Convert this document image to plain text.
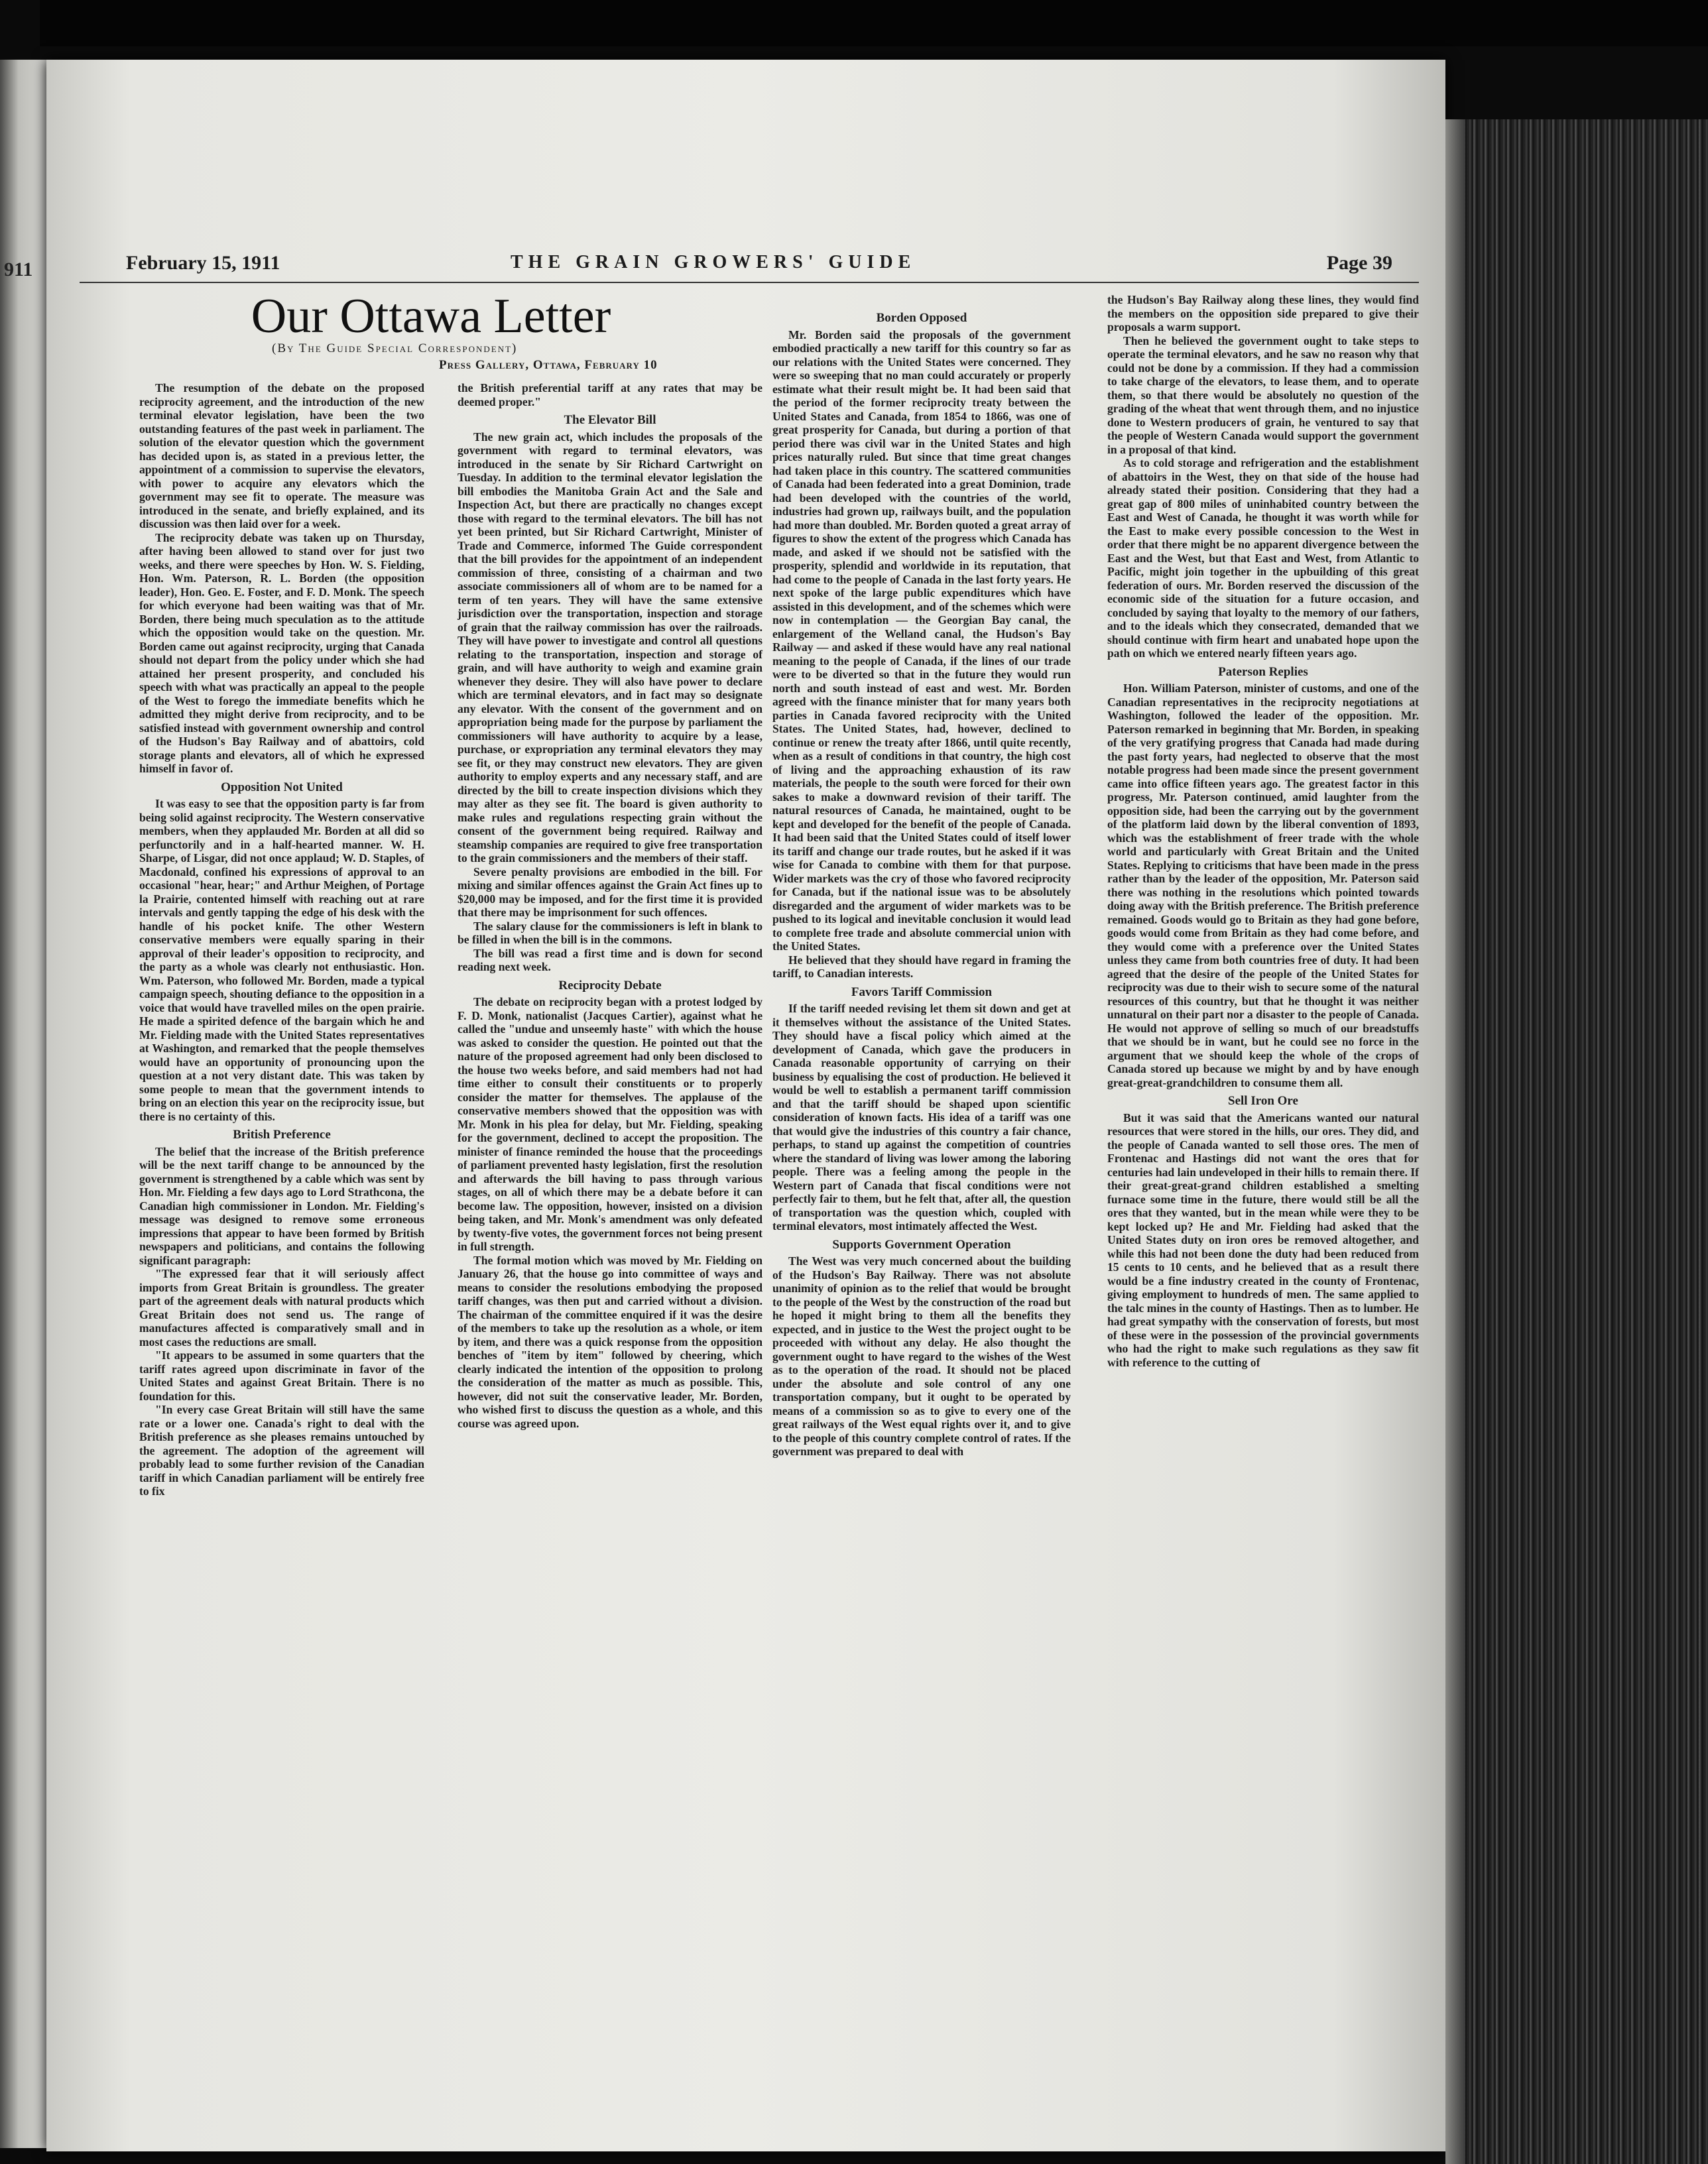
911	February 15, 1911	THE GRAIN GROWERS' GUIDE	Page 39
Our Ottawa Letter
(By The Guide Special Correspondent)
Press Gallery, Ottawa, February 10

The resumption of the debate on the proposed reciprocity agreement, and the introduction of the new terminal elevator legislation, have been the two outstanding features of the past week in parliament. The solution of the elevator question which the government has decided upon is, as stated in a previous letter, the appointment of a commission to supervise the elevators, with power to acquire any elevators which the government may see fit to operate. The measure was introduced in the senate, and briefly explained, and its discussion was then laid over for a week.

The reciprocity debate was taken up on Thursday, after having been allowed to stand over for just two weeks, and there were speeches by Hon. W. S. Fielding, Hon. Wm. Paterson, R. L. Borden (the opposition leader), Hon. Geo. E. Foster, and F. D. Monk. The speech for which everyone had been waiting was that of Mr. Borden, there being much speculation as to the attitude which the opposition would take on the question. Mr. Borden came out against reciprocity, urging that Canada should not depart from the policy under which she had attained her present prosperity, and concluded his speech with what was practically an appeal to the people of the West to forego the immediate benefits which he admitted they might derive from reciprocity, and to be satisfied instead with government ownership and control of the Hudson's Bay Railway and of abattoirs, cold storage plants and elevators, all of which he expressed himself in favor of.

Opposition Not United

It was easy to see that the opposition party is far from being solid against reciprocity. The Western conservative members, when they applauded Mr. Borden at all did so perfunctorily and in a half-hearted manner. W. H. Sharpe, of Lisgar, did not once applaud; W. D. Staples, of Macdonald, confined his expressions of approval to an occasional "hear, hear;" and Arthur Meighen, of Portage la Prairie, contented himself with reaching out at rare intervals and gently tapping the edge of his desk with the handle of his pocket knife. The other Western conservative members were equally sparing in their approval of their leader's opposition to reciprocity, and the party as a whole was clearly not enthusiastic. Hon. Wm. Paterson, who followed Mr. Borden, made a typical campaign speech, shouting defiance to the opposition in a voice that would have travelled miles on the open prairie. He made a spirited defence of the bargain which he and Mr. Fielding made with the United States representatives at Washington, and remarked that the people themselves would have an opportunity of pronouncing upon the question at a not very distant date. This was taken by some people to mean that the government intends to bring on an election this year on the reciprocity issue, but there is no certainty of this.

British Preference

The belief that the increase of the British preference will be the next tariff change to be announced by the government is strengthened by a cable which was sent by Hon. Mr. Fielding a few days ago to Lord Strathcona, the Canadian high commissioner in London. Mr. Fielding's message was designed to remove some erroneous impressions that appear to have been formed by British newspapers and politicians, and contains the following significant paragraph:

"The expressed fear that it will seriously affect imports from Great Britain is groundless. The greater part of the agreement deals with natural products which Great Britain does not send us. The range of manufactures affected is comparatively small and in most cases the reductions are small.

"It appears to be assumed in some quarters that the tariff rates agreed upon discriminate in favor of the United States and against Great Britain. There is no foundation for this.

"In every case Great Britain will still have the same rate or a lower one. Canada's right to deal with the British preference as she pleases remains untouched by the agreement. The adoption of the agreement will probably lead to some further revision of the Canadian tariff in which Canadian parliament will be entirely free to fix

the British preferential tariff at any rates that may be deemed proper."

The Elevator Bill

The new grain act, which includes the proposals of the government with regard to terminal elevators, was introduced in the senate by Sir Richard Cartwright on Tuesday. In addition to the terminal elevator legislation the bill embodies the Manitoba Grain Act and the Sale and Inspection Act, but there are practically no changes except those with regard to the terminal elevators. The bill has not yet been printed, but Sir Richard Cartwright, Minister of Trade and Commerce, informed The Guide correspondent that the bill provides for the appointment of an independent commission of three, consisting of a chairman and two associate commissioners all of whom are to be named for a term of ten years. They will have the same extensive jurisdiction over the transportation, inspection and storage of grain that the railway commission has over the railroads. They will have power to investigate and control all questions relating to the transportation, inspection and storage of grain, and will have authority to weigh and examine grain whenever they desire. They will also have power to declare which are terminal elevators, and in fact may so designate any elevator. With the consent of the government and on appropriation being made for the purpose by parliament the commissioners will have authority to acquire by a lease, purchase, or expropriation any terminal elevators they may see fit, or they may construct new elevators. They are given authority to employ experts and any necessary staff, and are directed by the bill to create inspection divisions which they may alter as they see fit. The board is given authority to make rules and regulations respecting grain without the consent of the government being required. Railway and steamship companies are required to give free transportation to the grain commissioners and the members of their staff.

Severe penalty provisions are embodied in the bill. For mixing and similar offences against the Grain Act fines up to $20,000 may be imposed, and for the first time it is provided that there may be imprisonment for such offences.

The salary clause for the commissioners is left in blank to be filled in when the bill is in the commons.

The bill was read a first time and is down for second reading next week.

Reciprocity Debate

The debate on reciprocity began with a protest lodged by F. D. Monk, nationalist (Jacques Cartier), against what he called the "undue and unseemly haste" with which the house was asked to consider the question. He pointed out that the nature of the proposed agreement had only been disclosed to the house two weeks before, and said members had not had time either to consult their constituents or to properly consider the matter for themselves. The applause of the conservative members showed that the opposition was with Mr. Monk in his plea for delay, but Mr. Fielding, speaking for the government, declined to accept the proposition. The minister of finance reminded the house that the proceedings of parliament prevented hasty legislation, first the resolution and afterwards the bill having to pass through various stages, on all of which there may be a debate before it can become law. The opposition, however, insisted on a division being taken, and Mr. Monk's amendment was only defeated by twenty-five votes, the government forces not being present in full strength.

The formal motion which was moved by Mr. Fielding on January 26, that the house go into committee of ways and means to consider the resolutions embodying the proposed tariff changes, was then put and carried without a division. The chairman of the committee enquired if it was the desire of the members to take up the resolution as a whole, or item by item, and there was a quick response from the opposition benches of "item by item" followed by cheering, which clearly indicated the intention of the opposition to prolong the consideration of the matter as much as possible. This, however, did not suit the conservative leader, Mr. Borden, who wished first to discuss the question as a whole, and this course was agreed upon.

Borden Opposed

Mr. Borden said the proposals of the government embodied practically a new tariff for this country so far as our relations with the United States were concerned. They were so sweeping that no man could accurately or properly estimate what their result might be. It had been said that the period of the former reciprocity treaty between the United States and Canada, from 1854 to 1866, was one of great prosperity for Canada, but during a portion of that period there was civil war in the United States and high prices naturally ruled. But since that time great changes had taken place in this country. The scattered communities of Canada had been federated into a great Dominion, trade had been developed with the countries of the world, industries had grown up, railways built, and the population had more than doubled. Mr. Borden quoted a great array of figures to show the extent of the progress which Canada has made, and asked if we should not be satisfied with the prosperity, splendid and worldwide in its reputation, that had come to the people of Canada in the last forty years. He next spoke of the large public expenditures which have assisted in this development, and of the schemes which were now in contemplation — the Georgian Bay canal, the enlargement of the Welland canal, the Hudson's Bay Railway — and asked if these would have any real national meaning to the people of Canada, if the lines of our trade were to be diverted so that in the future they would run north and south instead of east and west. Mr. Borden agreed with the finance minister that for many years both parties in Canada favored reciprocity with the United States. The United States, had, however, declined to continue or renew the treaty after 1866, until quite recently, when as a result of conditions in that country, the high cost of living and the approaching exhaustion of its raw materials, the people to the south were forced for their own sakes to make a downward revision of their tariff. The natural resources of Canada, he maintained, ought to be kept and developed for the benefit of the people of Canada. It had been said that the United States could of itself lower its tariff and change our trade routes, but he asked if it was wise for Canada to combine with them for that purpose. Wider markets was the cry of those who favored reciprocity for Canada, but if the national issue was to be absolutely disregarded and the argument of wider markets was to be pushed to its logical and inevitable conclusion it would lead to complete free trade and absolute commercial union with the United States.

He believed that they should have regard in framing the tariff, to Canadian interests.

Favors Tariff Commission

If the tariff needed revising let them sit down and get at it themselves without the assistance of the United States. They should have a fiscal policy which aimed at the development of Canada, which gave the producers in Canada reasonable opportunity of carrying on their business by equalising the cost of production. He believed it would be well to establish a permanent tariff commission and that the tariff should be shaped upon scientific consideration of known facts. His idea of a tariff was one that would give the industries of this country a fair chance, perhaps, to stand up against the competition of countries where the standard of living was lower among the laboring people. There was a feeling among the people in the Western part of Canada that fiscal conditions were not perfectly fair to them, but he felt that, after all, the question of transportation was the question which, coupled with terminal elevators, most intimately affected the West.

Supports Government Operation

The West was very much concerned about the building of the Hudson's Bay Railway. There was not absolute unanimity of opinion as to the relief that would be brought to the people of the West by the construction of the road but he hoped it might bring to them all the benefits they expected, and in justice to the West the project ought to be proceeded with without any delay. He also thought the government ought to have regard to the wishes of the West as to the operation of the road. It should not be placed under the absolute and sole control of any one transportation company, but it ought to be operated by means of a commission so as to give to every one of the great railways of the West equal rights over it, and to give to the people of this country complete control of rates. If the government was prepared to deal with

the Hudson's Bay Railway along these lines, they would find the members on the opposition side prepared to give their proposals a warm support.

Then he believed the government ought to take steps to operate the terminal elevators, and he saw no reason why that could not be done by a commission. If they had a commission to take charge of the elevators, to lease them, and to operate them, so that there would be absolutely no question of the grading of the wheat that went through them, and no injustice done to Western producers of grain, he ventured to say that the people of Western Canada would support the government in a proposal of that kind.

As to cold storage and refrigeration and the establishment of abattoirs in the West, they on that side of the house had already stated their position. Considering that they had a great gap of 800 miles of uninhabited country between the East and West of Canada, he thought it was worth while for the East to make every possible concession to the West in order that there might be no apparent divergence between the East and the West, but that East and West, from Atlantic to Pacific, might join together in the upbuilding of this great federation of ours. Mr. Borden reserved the discussion of the economic side of the situation for a future occasion, and concluded by saying that loyalty to the memory of our fathers, and to the ideals which they consecrated, demanded that we should continue with firm heart and unabated hope upon the path on which we entered nearly fifteen years ago.

Paterson Replies

Hon. William Paterson, minister of customs, and one of the Canadian representatives in the reciprocity negotiations at Washington, followed the leader of the opposition. Mr. Paterson remarked in beginning that Mr. Borden, in speaking of the very gratifying progress that Canada had made during the past forty years, had neglected to observe that the most notable progress had been made since the present government came into office fifteen years ago. The greatest factor in this progress, Mr. Paterson continued, amid laughter from the opposition side, had been the carrying out by the government of the platform laid down by the liberal convention of 1893, which was the establishment of freer trade with the whole world and particularly with Great Britain and the United States. Replying to criticisms that have been made in the press rather than by the leader of the opposition, Mr. Paterson said there was nothing in the resolutions which pointed towards doing away with the British preference. The British preference remained. Goods would go to Britain as they had gone before, goods would come from Britain as they had come before, and they would come with a preference over the United States unless they came from both countries free of duty. It had been agreed that the desire of the people of the United States for reciprocity was due to their wish to secure some of the natural resources of this country, but that he thought it was neither unnatural on their part nor a disaster to the people of Canada. He would not approve of selling so much of our breadstuffs that we should be in want, but he could see no force in the argument that we should keep the whole of the crops of Canada stored up because we might by and by have enough great-great-grandchildren to consume them all.

Sell Iron Ore

But it was said that the Americans wanted our natural resources that were stored in the hills, our ores. They did, and the people of Canada wanted to sell those ores. The men of Frontenac and Hastings did not want the ores that for centuries had lain undeveloped in their hills to remain there. If their great-great-grand children established a smelting furnace some time in the future, there would still be all the ores that they wanted, but in the mean while were they to be kept locked up? He and Mr. Fielding had asked that the United States duty on iron ores be removed altogether, and while this had not been done the duty had been reduced from 15 cents to 10 cents, and he believed that as a result there would be a fine industry created in the county of Frontenac, giving employment to hundreds of men. The same applied to the talc mines in the county of Hastings. Then as to lumber. He had great sympathy with the conservation of forests, but most of these were in the possession of the provincial governments who had the right to make such regulations as they saw fit with reference to the cutting of
